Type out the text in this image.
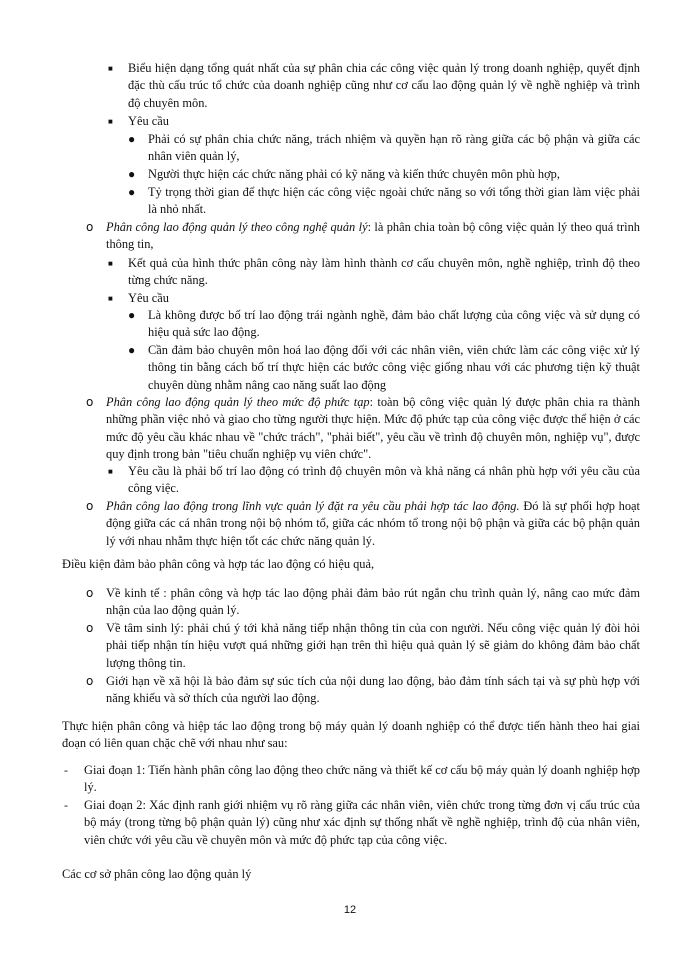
■ Biểu hiện dạng tổng quát nhất của sự phân chia các công việc quản lý trong doanh nghiệp, quyết định đặc thù cấu trúc tổ chức của doanh nghiệp cũng như cơ cấu lao động quản lý về nghề nghiệp và trình độ chuyên môn.

■ Yêu cầu

● Phải có sự phân chia chức năng, trách nhiệm và quyền hạn rõ ràng giữa các bộ phận và giữa các nhân viên quản lý,

● Người thực hiện các chức năng phải có kỹ năng và kiến thức chuyên môn phù hợp,

● Tỷ trọng thời gian để thực hiện các công việc ngoài chức năng so với tổng thời gian làm việc phải là nhỏ nhất.

o Phân công lao động quản lý theo công nghệ quản lý: là phân chia toàn bộ công việc quản lý theo quá trình thông tin,

■ Kết quả của hình thức phân công này làm hình thành cơ cấu chuyên môn, nghề nghiệp, trình độ theo từng chức năng.

■ Yêu cầu

● Là không được bố trí lao động trái ngành nghề, đảm bảo chất lượng của công việc và sử dụng có hiệu quả sức lao động.

● Cần đảm bảo chuyên môn hoá lao động đối với các nhân viên, viên chức làm các công việc xử lý thông tin bằng cách bố trí thực hiện các bước công việc giống nhau với các phương tiện kỹ thuật chuyên dùng nhằm nâng cao năng suất lao động

o Phân công lao động quản lý theo mức độ phức tạp: toàn bộ công việc quản lý được phân chia ra thành những phần việc nhỏ và giao cho từng người thực hiện. Mức độ phức tạp của công việc được thể hiện ở các mức độ yêu cầu khác nhau về "chức trách", "phải biết", yêu cầu về trình độ chuyên môn, nghiệp vụ", được quy định trong bản "tiêu chuẩn nghiệp vụ viên chức".

■ Yêu cầu là phải bố trí lao động có trình độ chuyên môn và khả năng cá nhân phù hợp với yêu cầu của công việc.

o Phân công lao động trong lĩnh vực quản lý đặt ra yêu cầu phải hợp tác lao động. Đó là sự phối hợp hoạt động giữa các cá nhân trong nội bộ nhóm tổ, giữa các nhóm tổ trong nội bộ phận và giữa các bộ phận quản lý với nhau nhằm thực hiện tốt các chức năng quản lý.

Điều kiện đảm bảo phân công và hợp tác lao động có hiệu quả,

o Về kinh tế : phân công và hợp tác lao động phải đảm bảo rút ngắn chu trình quản lý, nâng cao mức đảm nhận của lao động quản lý.

o Về tâm sinh lý: phải chú ý tới khả năng tiếp nhận thông tin của con người. Nếu công việc quản lý đòi hỏi phải tiếp nhận tín hiệu vượt quá những giới hạn trên thì hiệu quả quản lý sẽ giảm do không đảm bảo chất lượng thông tin.

o Giới hạn về xã hội là bảo đảm sự súc tích của nội dung lao động, bảo đảm tính sách tại và sự phù hợp với năng khiếu và sở thích của người lao động.

Thực hiện phân công và hiệp tác lao động trong bộ máy quản lý doanh nghiệp có thể được tiến hành theo hai giai đoạn có liên quan chặc chẽ với nhau như sau:

- Giai đoạn 1: Tiến hành phân công lao động theo chức năng và thiết kế cơ cấu bộ máy quản lý doanh nghiệp hợp lý.

- Giai đoạn 2: Xác định ranh giới nhiệm vụ rõ ràng giữa các nhân viên, viên chức trong từng đơn vị cấu trúc của bộ máy (trong từng bộ phận quản lý) cũng như xác định sự thống nhất về nghề nghiệp, trình độ của nhân viên, viên chức với yêu cầu về chuyên môn và mức độ phức tạp của công việc.

Các cơ sở phân công lao động quản lý

12
